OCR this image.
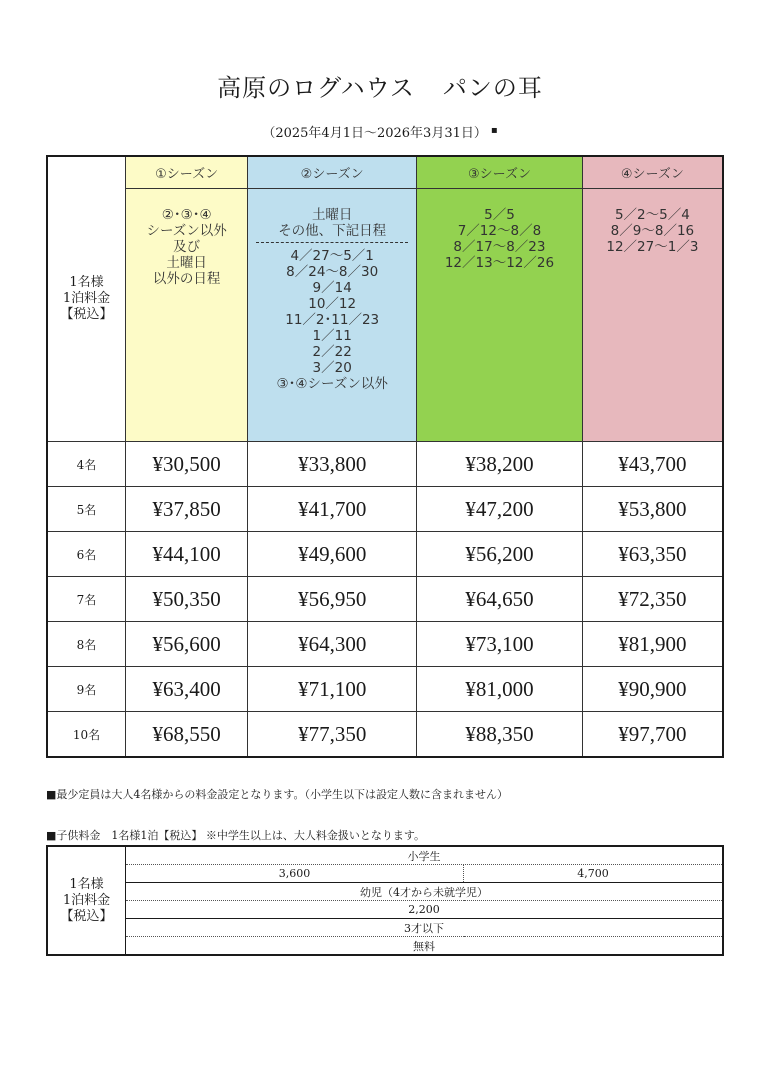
高原のログハウス パンの耳
（2025年4月1日～2026年3月31日） ▪
1名様
1泊料金
【税込】	①シーズン	②シーズン	③シーズン	④シーズン

②･③･④
シーズン以外
及び
土曜日
以外の日程

土曜日
その他、下記日程
4／27～5／1
8／24～8／30
9／14
10／12
11／2･11／23
1／11
2／22
3／20
③･④シーズン以外

5／5
7／12～8／8
8／17～8／23
12／13～12／26

5／2～5／4
8／9～8／16
12／27～1／3

4名	¥30,500	¥33,800	¥38,200	¥43,700
5名	¥37,850	¥41,700	¥47,200	¥53,800
6名	¥44,100	¥49,600	¥56,200	¥63,350
7名	¥50,350	¥56,950	¥64,650	¥72,350
8名	¥56,600	¥64,300	¥73,100	¥81,900
9名	¥63,400	¥71,100	¥81,000	¥90,900
10名	¥68,550	¥77,350	¥88,350	¥97,700
■最少定員は大人4名様からの料金設定となります。（小学生以下は設定人数に含まれません）
■子供料金　1名様1泊【税込】 ※中学生以上は、大人料金扱いとなります。
1名様
1泊料金
【税込】	小学生	
	3,600	4,700
	幼児（4才から未就学児）	
	2,200	
	3才以下	
	無料	
